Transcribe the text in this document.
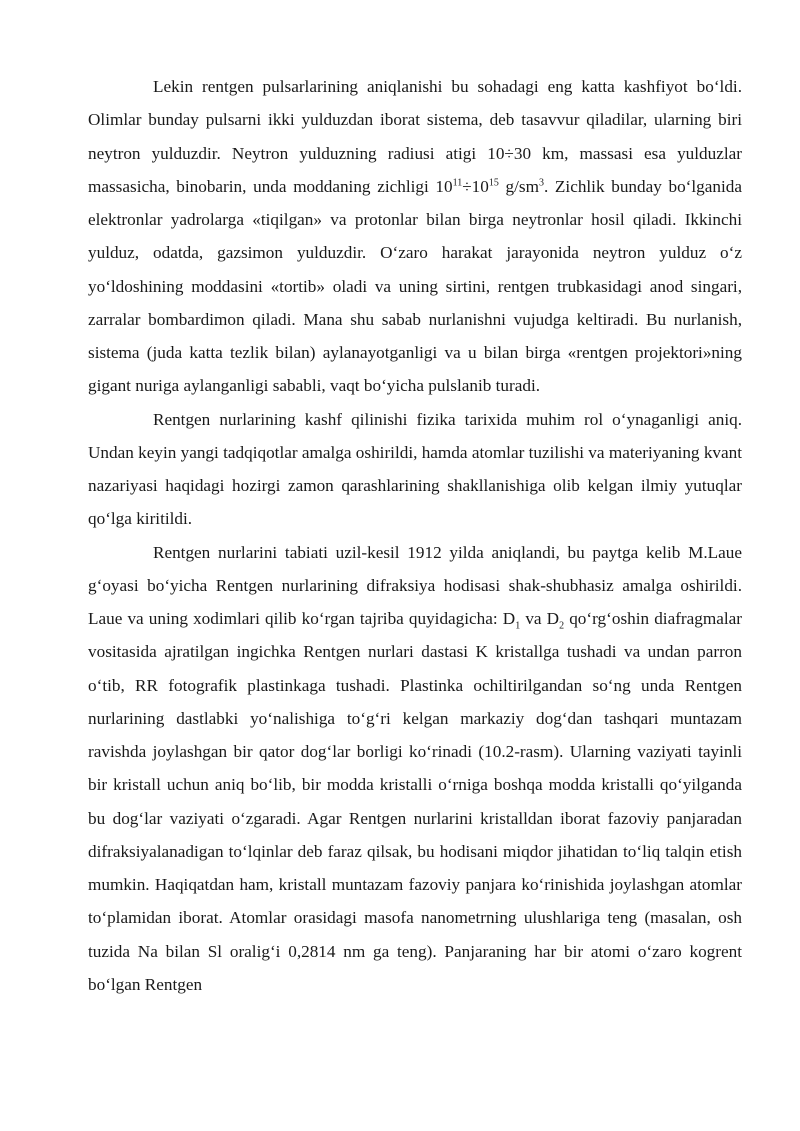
Lekin rentgen pulsarlarining aniqlanishi bu sohadagi eng katta kashfiyot bo‘ldi. Olimlar bunday pulsarni ikki yulduzdan iborat sistema, deb tasavvur qiladilar, ularning biri neytron yulduzdir. Neytron yulduzning radiusi atigi 10÷30 km, massasi esa yulduzlar massasicha, binobarin, unda moddaning zichligi $10^{11}\div 10^{15}$ $g/sm^3$. Zichlik bunday bo‘lganida elektronlar yadrolarga «tiqilgan» va protonlar bilan birga neytronlar hosil qiladi. Ikkinchi yulduz, odatda, gazsimon yulduzdir. O‘zaro harakat jarayonida neytron yulduz o‘z yo‘ldoshining moddasini «tortib» oladi va uning sirtini, rentgen trubkasidagi anod singari, zarralar bombardimon qiladi. Mana shu sabab nurlanishni vujudga keltiradi. Bu nurlanish, sistema (juda katta tezlik bilan) aylanayotganligi va u bilan birga «rentgen projektori»ning gigant nuriga aylanganligi sababli, vaqt bo‘yicha pulslanib turadi.

Rentgen nurlarining kashf qilinishi fizika tarixida muhim rol o‘ynaganligi aniq. Undan keyin yangi tadqiqotlar amalga oshirildi, hamda atomlar tuzilishi va materiyaning kvant nazariyasi haqidagi hozirgi zamon qarashlarining shakllanishiga olib kelgan ilmiy yutuqlar qo‘lga kiritildi.

Rentgen nurlarini tabiati uzil-kesil 1912 yilda aniqlandi, bu paytga kelib M.Laue g‘oyasi bo‘yicha Rentgen nurlarining difraksiya hodisasi shak-shubhasiz amalga oshirildi. Laue va uning xodimlari qilib ko‘rgan tajriba quyidagicha: $D_1$ va $D_2$ qo‘rg‘oshin diafragmalar vositasida ajratilgan ingichka Rentgen nurlari dastasi K kristallga tushadi va undan parron o‘tib, RR fotografik plastinkaga tushadi. Plastinka ochiltirilgandan so‘ng unda Rentgen nurlarining dastlabki yo‘nalishiga to‘g‘ri kelgan markaziy dog‘dan tashqari muntazam ravishda joylashgan bir qator dog‘lar borligi ko‘rinadi (10.2-rasm). Ularning vaziyati tayinli bir kristall uchun aniq bo‘lib, bir modda kristalli o‘rniga boshqa modda kristalli qo‘yilganda bu dog‘lar vaziyati o‘zgaradi. Agar Rentgen nurlarini kristalldan iborat fazoviy panjaradan difraksiyalanadigan to‘lqinlar deb faraz qilsak, bu hodisani miqdor jihatidan to‘liq talqin etish mumkin. Haqiqatdan ham, kristall muntazam fazoviy panjara ko‘rinishida joylashgan atomlar to‘plamidan iborat. Atomlar orasidagi masofa nanometrning ulushlariga teng (masalan, osh tuzida Na bilan Sl oralig‘i 0,2814 nm ga teng). Panjaraning har bir atomi o‘zaro kogrent bo‘lgan Rentgen
